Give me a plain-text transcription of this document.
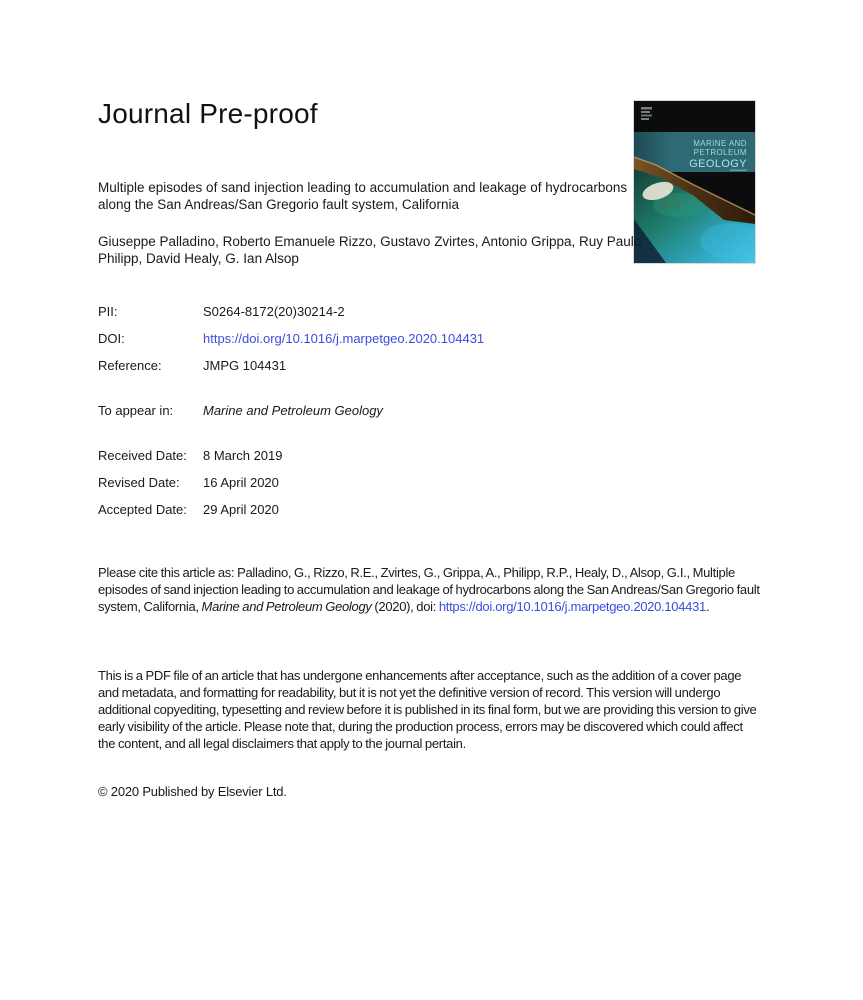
Journal Pre-proof
MARINE AND
PETROLEUM
GEOLOGY
Multiple episodes of sand injection leading to accumulation and leakage of hydrocarbons along the San Andreas/San Gregorio fault system, California
Giuseppe Palladino, Roberto Emanuele Rizzo, Gustavo Zvirtes, Antonio Grippa, Ruy Paulo Philipp, David Healy, G. Ian Alsop
PII:	S0264-8172(20)30214-2
DOI:	https://doi.org/10.1016/j.marpetgeo.2020.104431
Reference:	JMPG 104431
To appear in:	Marine and Petroleum Geology
Received Date:	8 March 2019
Revised Date:	16 April 2020
Accepted Date:	29 April 2020

Please cite this article as: Palladino, G., Rizzo, R.E., Zvirtes, G., Grippa, A., Philipp, R.P., Healy, D., Alsop, G.I., Multiple episodes of sand injection leading to accumulation and leakage of hydrocarbons along the San Andreas/San Gregorio fault system, California, Marine and Petroleum Geology (2020), doi: https://doi.org/10.1016/j.marpetgeo.2020.104431.

This is a PDF file of an article that has undergone enhancements after acceptance, such as the addition of a cover page and metadata, and formatting for readability, but it is not yet the definitive version of record. This version will undergo additional copyediting, typesetting and review before it is published in its final form, but we are providing this version to give early visibility of the article. Please note that, during the production process, errors may be discovered which could affect the content, and all legal disclaimers that apply to the journal pertain.

© 2020 Published by Elsevier Ltd.
